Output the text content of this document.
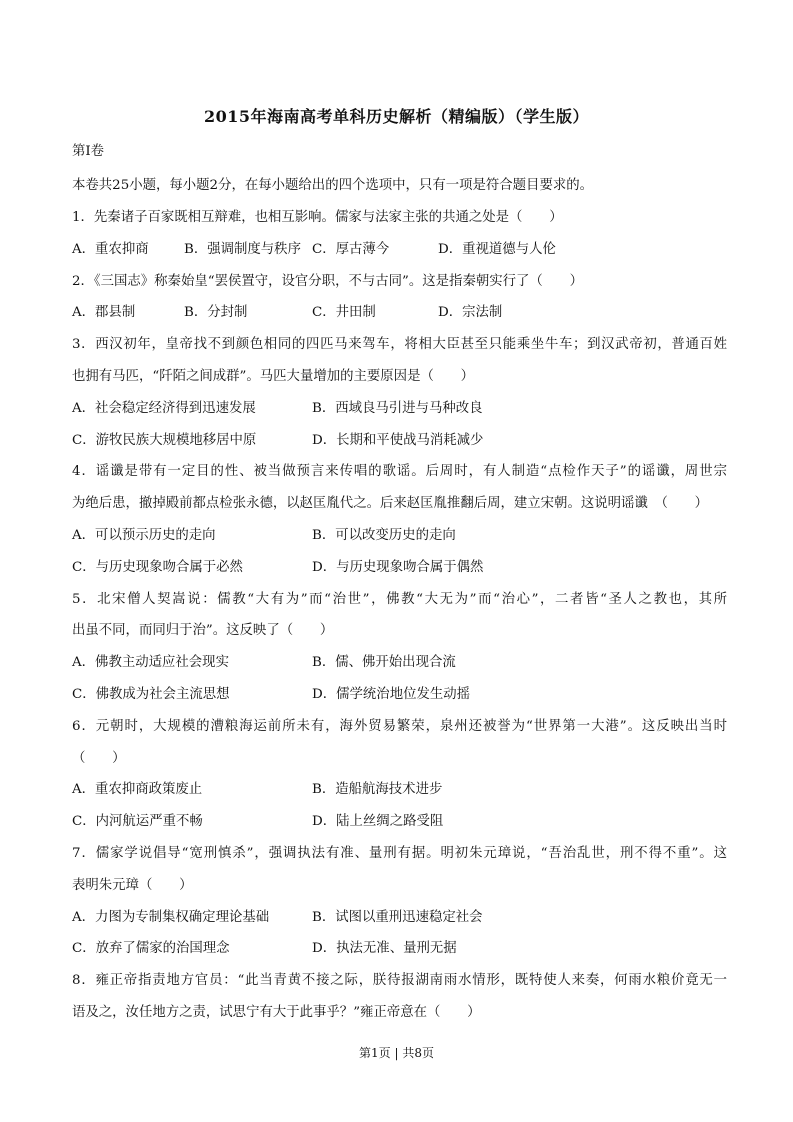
2015年海南高考单科历史解析（精编版）（学生版）
第Ⅰ卷
本卷共25小题，每小题2分，在每小题给出的四个选项中，只有一项是符合题目要求的。
1．先秦诸子百家既相互辩难，也相互影响。儒家与法家主张的共通之处是（　　）
A．重农抑商	B．强调制度与秩序 C．厚古薄今	D．重视道德与人伦
2．《三国志》称秦始皇“罢侯置守，设官分职，不与古同”。这是指秦朝实行了（　　）
A．郡县制	B．分封制	C．井田制	D．宗法制
3．西汉初年，皇帝找不到颜色相同的四匹马来驾车，将相大臣甚至只能乘坐牛车；到汉武帝初，普通百姓
也拥有马匹，“阡陌之间成群”。马匹大量增加的主要原因是（　　）
A．社会稳定经济得到迅速发展	B．西域良马引进与马种改良
C．游牧民族大规模地移居中原	D．长期和平使战马消耗减少
4．谣谶是带有一定目的性、被当做预言来传唱的歌谣。后周时，有人制造“点检作天子”的谣谶，周世宗
为绝后患，撤掉殿前都点检张永德，以赵匡胤代之。后来赵匡胤推翻后周，建立宋朝。这说明谣谶　（　　）
A．可以预示历史的走向	B．可以改变历史的走向
C．与历史现象吻合属于必然	D．与历史现象吻合属于偶然
5．北宋僧人契嵩说：儒教“大有为”而“治世”，佛教“大无为”而“治心”，二者皆“圣人之教也，其所
出虽不同，而同归于治”。这反映了（　　）
A．佛教主动适应社会现实	B．儒、佛开始出现合流
C．佛教成为社会主流思想	D．儒学统治地位发生动摇
6．元朝时，大规模的漕粮海运前所未有，海外贸易繁荣，泉州还被誉为“世界第一大港”。这反映出当时
（　　）
A．重农抑商政策废止	B．造船航海技术进步
C．内河航运严重不畅	D．陆上丝绸之路受阻
7．儒家学说倡导“宽刑慎杀”，强调执法有准、量刑有据。明初朱元璋说，“吾治乱世，刑不得不重”。这
表明朱元璋（　　）
A．力图为专制集权确定理论基础	B．试图以重刑迅速稳定社会
C．放弃了儒家的治国理念	D．执法无准、量刑无据
8．雍正帝指责地方官员：“此当青黄不接之际，朕待报湖南雨水情形，既特使人来奏，何雨水粮价竟无一
语及之，汝任地方之责，试思宁有大于此事乎？”雍正帝意在（　　）
第1页 | 共8页
